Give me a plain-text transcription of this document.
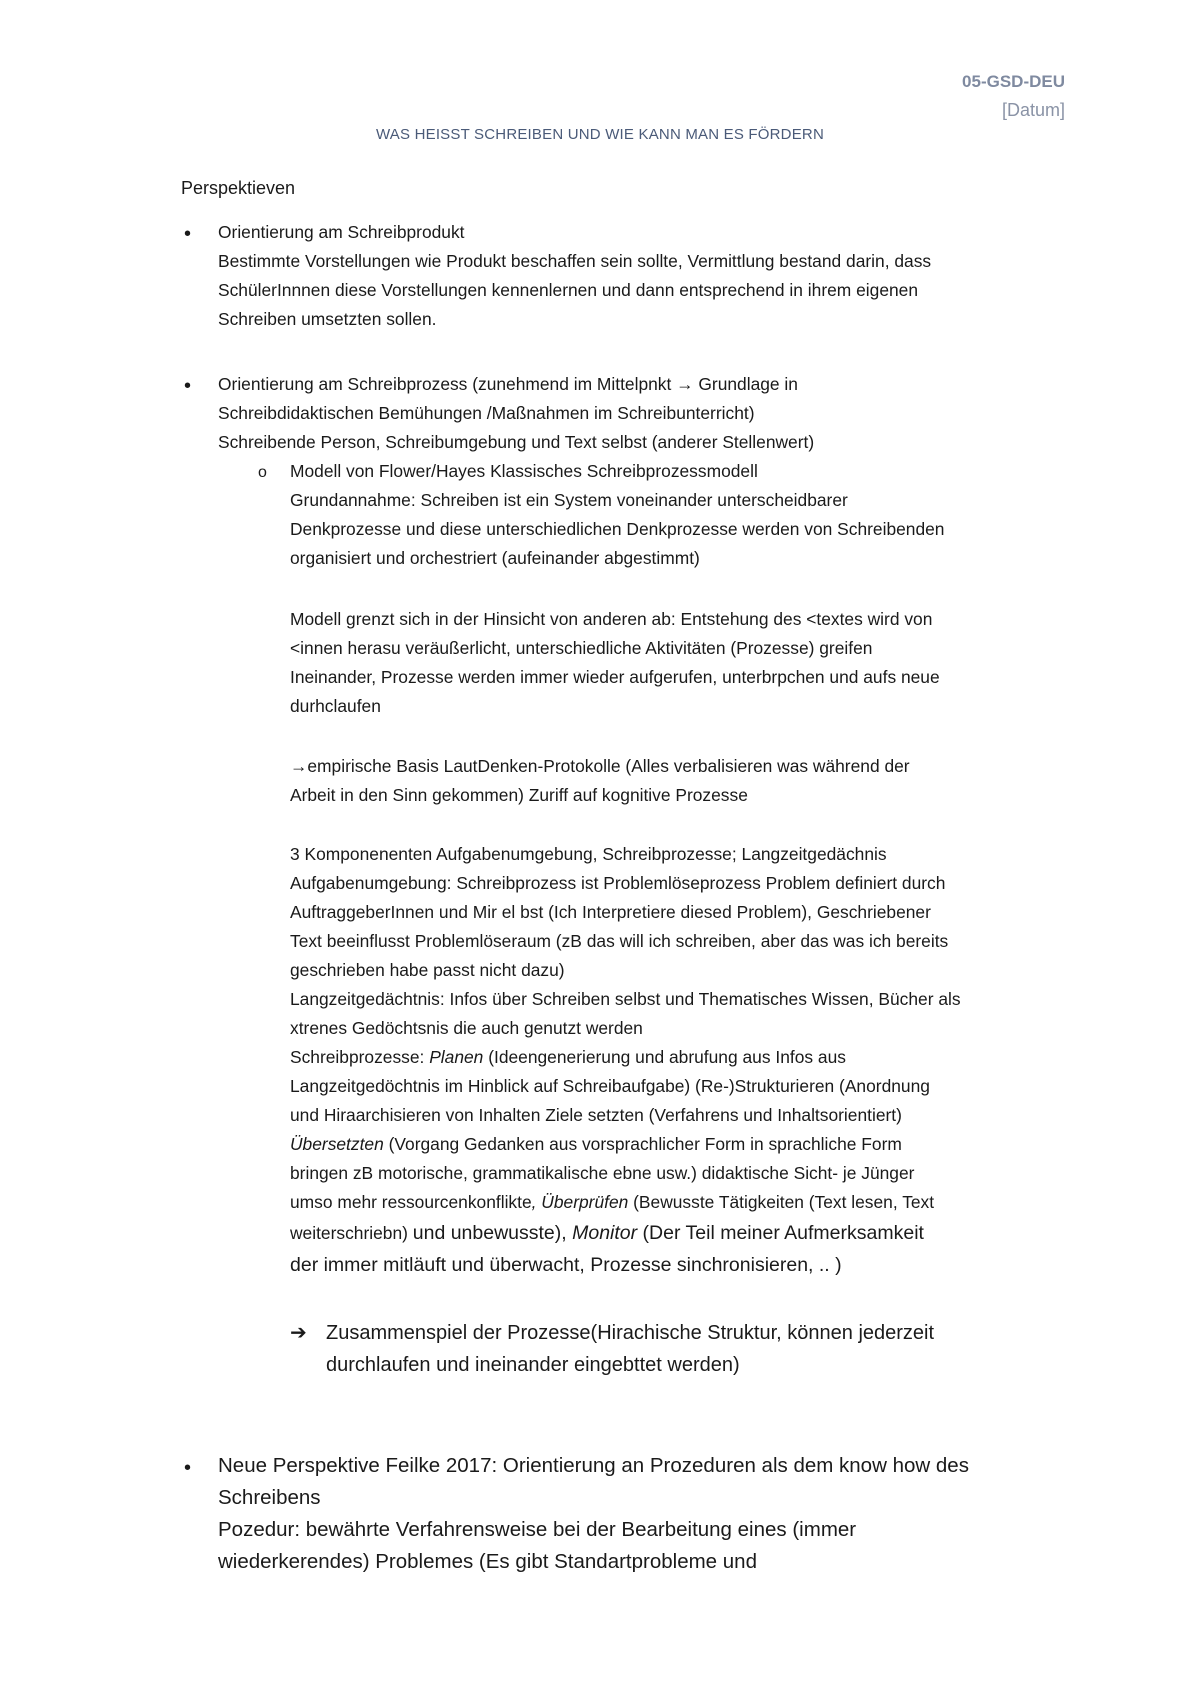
05-GSD-DEU
[Datum]
WAS HEISST SCHREIBEN UND WIE KANN MAN ES FÖRDERN
Perspektieven
• Orientierung am Schreibprodukt

Bestimmte Vorstellungen wie Produkt beschaffen sein sollte, Vermittlung bestand darin, dass

SchülerInnnen diese Vorstellungen kennenlernen und dann entsprechend in ihrem eigenen

Schreiben umsetzten sollen.

• Orientierung am Schreibprozess (zunehmend im Mittelpnkt → Grundlage in

Schreibdidaktischen Bemühungen /Maßnahmen im Schreibunterricht)

Schreibende Person, Schreibumgebung und Text selbst (anderer Stellenwert)

o Modell von Flower/Hayes Klassisches Schreibprozessmodell

Grundannahme: Schreiben ist ein System voneinander unterscheidbarer

Denkprozesse und diese unterschiedlichen Denkprozesse werden von Schreibenden

organisiert und orchestriert (aufeinander abgestimmt)

Modell grenzt sich in der Hinsicht von anderen ab: Entstehung des <textes wird von

<innen herasu veräußerlicht, unterschiedliche Aktivitäten (Prozesse) greifen

Ineinander, Prozesse werden immer wieder aufgerufen, unterbrpchen und aufs neue

durhclaufen

→empirische Basis LautDenken-Protokolle (Alles verbalisieren was während der

Arbeit in den Sinn gekommen) Zuriff auf kognitive Prozesse

3 Komponenenten Aufgabenumgebung, Schreibprozesse; Langzeitgedächnis

Aufgabenumgebung: Schreibprozess ist Problemlöseprozess Problem definiert durch

AuftraggeberInnen und Mir el bst (Ich Interpretiere diesed Problem), Geschriebener

Text beeinflusst Problemlöseraum (zB das will ich schreiben, aber das was ich bereits

geschrieben habe passt nicht dazu)

Langzeitgedächtnis: Infos über Schreiben selbst und Thematisches Wissen, Bücher als

xtrenes Gedöchtsnis die auch genutzt werden

Schreibprozesse: Planen (Ideengenerierung und abrufung aus Infos aus

Langzeitgedöchtnis im Hinblick auf Schreibaufgabe) (Re-)Strukturieren (Anordnung

und Hiraarchisieren von Inhalten Ziele setzten (Verfahrens und Inhaltsorientiert)

Übersetzten (Vorgang Gedanken aus vorsprachlicher Form in sprachliche Form

bringen zB motorische, grammatikalische ebne usw.) didaktische Sicht- je Jünger

umso mehr ressourcenkonflikte, Überprüfen (Bewusste Tätigkeiten (Text lesen, Text

weiterschriebn) und unbewusste), Monitor (Der Teil meiner Aufmerksamkeit

der immer mitläuft und überwacht, Prozesse sinchronisieren, .. )

➔ Zusammenspiel der Prozesse(Hirachische Struktur, können jederzeit

durchlaufen und ineinander eingebttet werden)

• Neue Perspektive Feilke 2017: Orientierung an Prozeduren als dem know how des

Schreibens

Pozedur: bewährte Verfahrensweise bei der Bearbeitung eines (immer

wiederkerendes) Problemes (Es gibt Standartprobleme und
